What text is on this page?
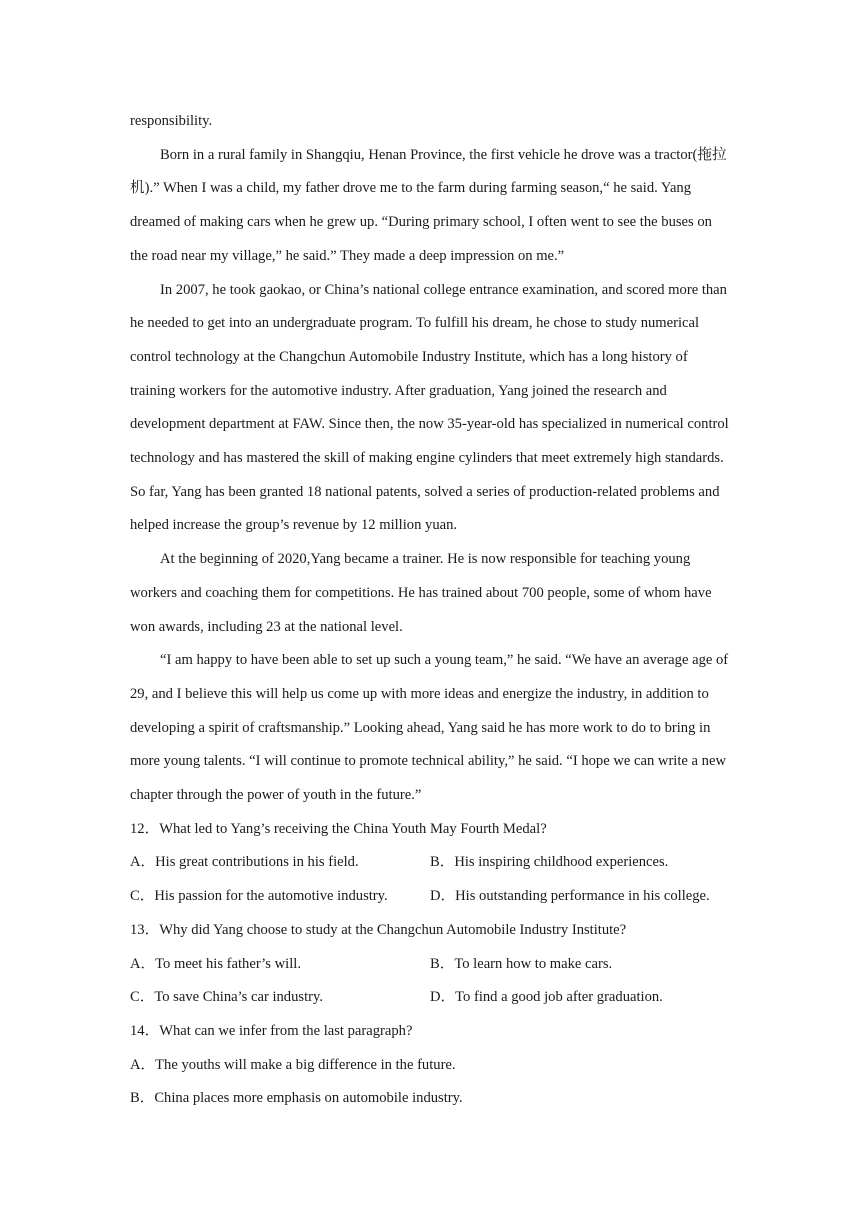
responsibility.

Born in a rural family in Shangqiu, Henan Province, the first vehicle he drove was a tractor(拖拉机).” When I was a child, my father drove me to the farm during farming season,“ he said. Yang dreamed of making cars when he grew up. “During primary school, I often went to see the buses on the road near my village,” he said.” They made a deep impression on me.”

In 2007, he took gaokao, or China’s national college entrance examination, and scored more than he needed to get into an undergraduate program. To fulfill his dream, he chose to study numerical control technology at the Changchun Automobile Industry Institute, which has a long history of training workers for the automotive industry. After graduation, Yang joined the research and development department at FAW. Since then, the now 35-year-old has specialized in numerical control technology and has mastered the skill of making engine cylinders that meet extremely high standards. So far, Yang has been granted 18 national patents, solved a series of production-related problems and helped increase the group’s revenue by 12 million yuan.

At the beginning of 2020,Yang became a trainer. He is now responsible for teaching young workers and coaching them for competitions. He has trained about 700 people, some of whom have won awards, including 23 at the national level.

“I am happy to have been able to set up such a young team,” he said. “We have an average age of 29, and I believe this will help us come up with more ideas and energize the industry, in addition to developing a spirit of craftsmanship.” Looking ahead, Yang said he has more work to do to bring in more young talents. “I will continue to promote technical ability,” he said. “I hope we can write a new chapter through the power of youth in the future.”

12．What led to Yang’s receiving the China Youth May Fourth Medal?

A．His great contributions in his field.	B．His inspiring childhood experiences.
C．His passion for the automotive industry.	D．His outstanding performance in his college.

13．Why did Yang choose to study at the Changchun Automobile Industry Institute?

A．To meet his father’s will.	B．To learn how to make cars.
C．To save China’s car industry.	D．To find a good job after graduation.

14．What can we infer from the last paragraph?

A．The youths will make a big difference in the future.
B．China places more emphasis on automobile industry.
